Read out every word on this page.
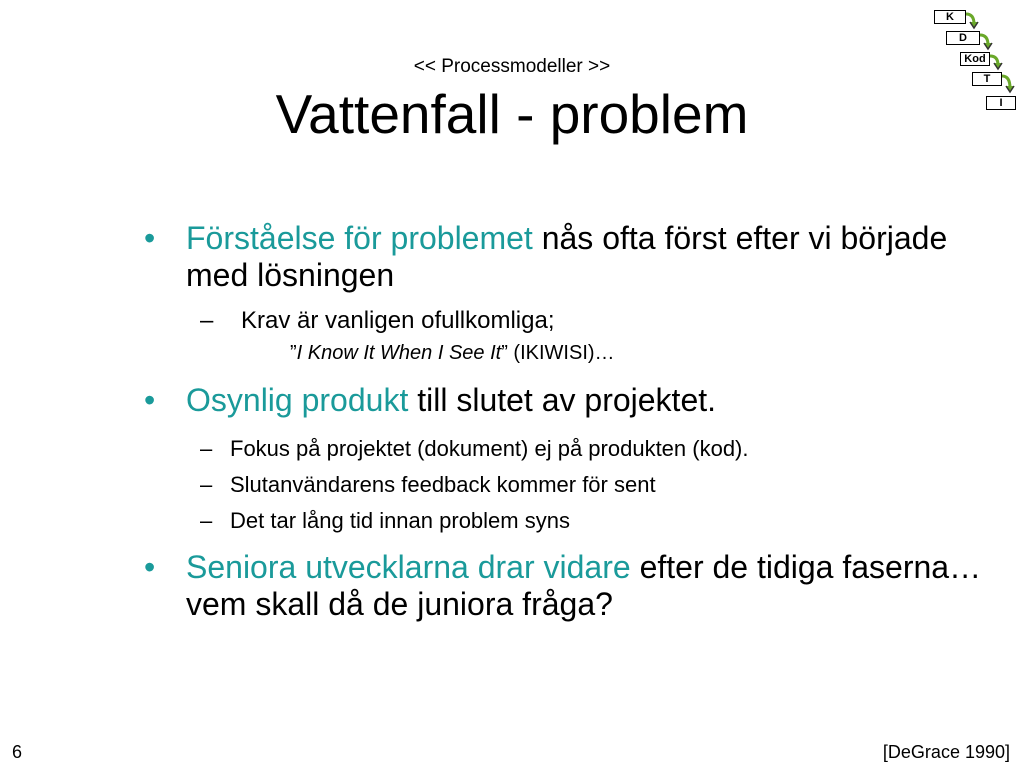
<< Processmodeller >>
Vattenfall - problem
K
D
Kod
T
I
• Förståelse för problemet nås ofta först efter vi började med lösningen
– Krav är vanligen ofullkomliga;
”I Know It When I See It” (IKIWISI)…
• Osynlig produkt till slutet av projektet.
– Fokus på projektet (dokument) ej på produkten (kod).
– Slutanvändarens feedback kommer för sent
– Det tar lång tid innan problem syns
• Seniora utvecklarna drar vidare efter de tidiga faserna… vem skall då de juniora fråga?
6	[DeGrace 1990]
